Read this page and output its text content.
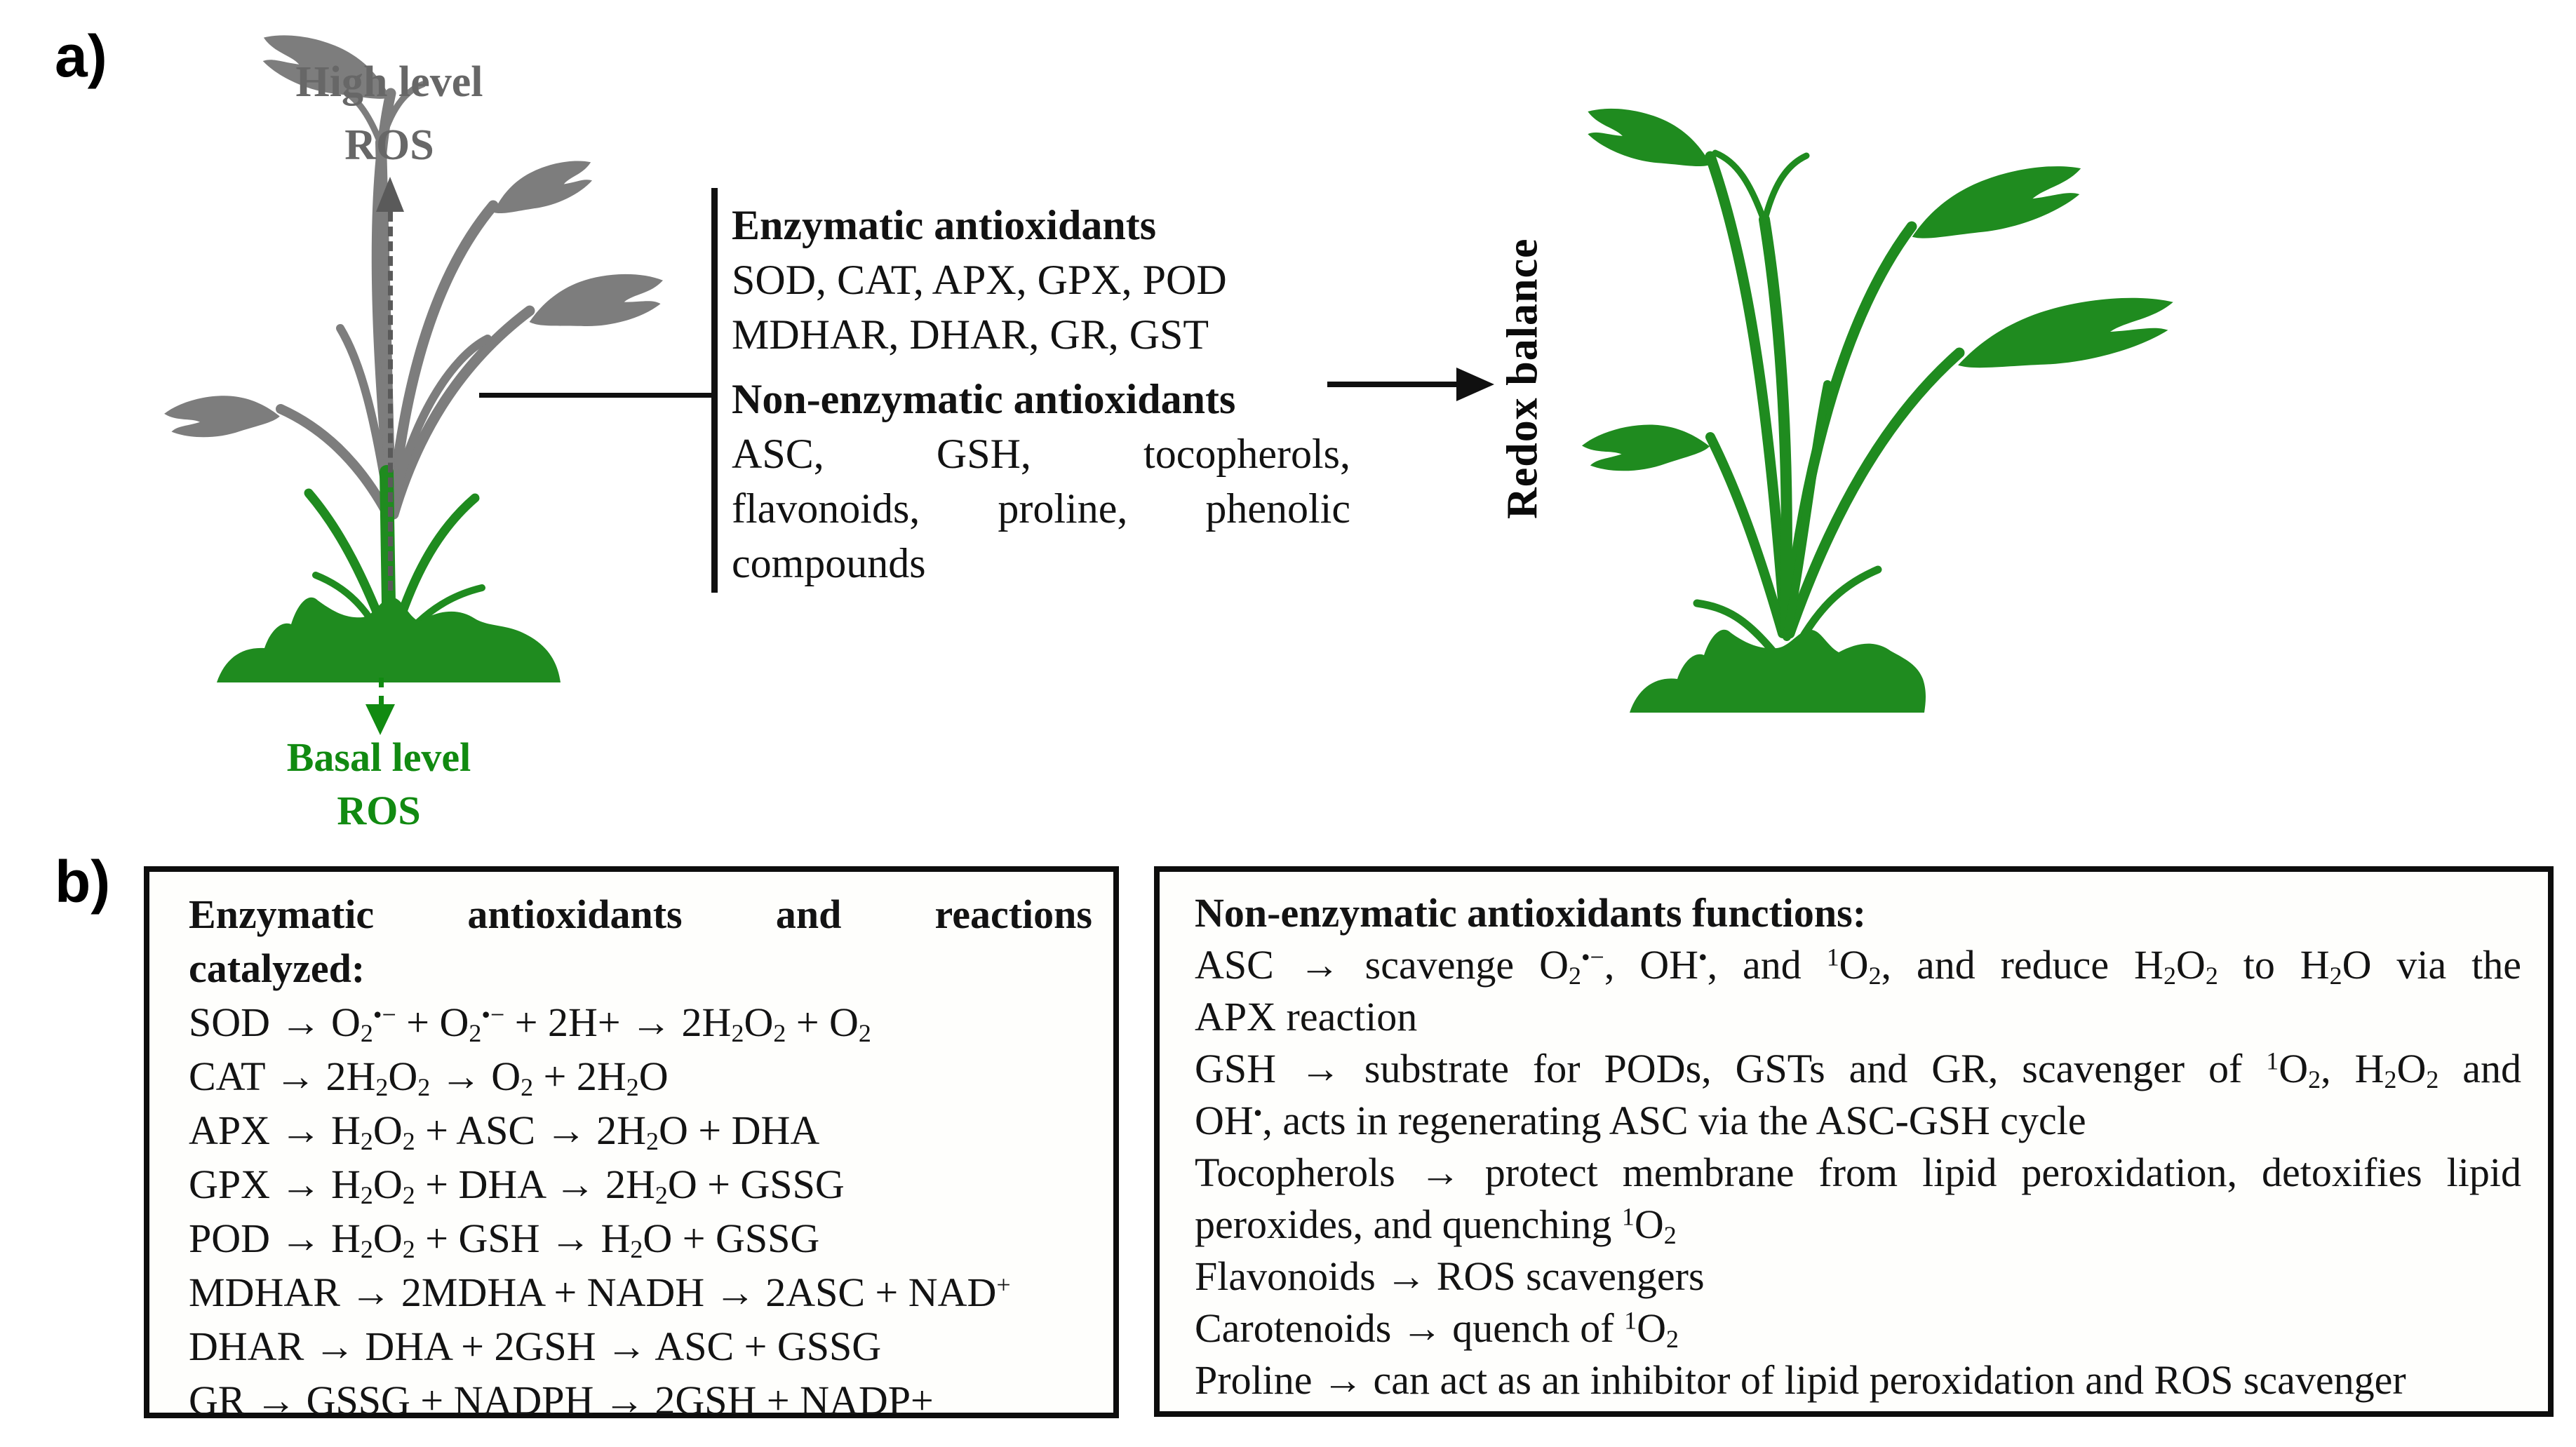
a)	High level
ROS
Basal level
ROS
Enzymatic antioxidants
SOD, CAT, APX, GPX, POD
MDHAR, DHAR, GR, GST
Non-enzymatic antioxidants
ASC, GSH, tocopherols,
flavonoids, proline, phenolic
compounds
Redox balance
b) Enzymatic antioxidants and reactions
catalyzed:
SOD → $O_2^{•-} + O_2^{•-} + 2H+ \to 2H_2O_2 + O_2$
CAT → $2H_2O_2 \to O_2 + 2H_2O$
APX → $H_2O_2$ + ASC → $2H_2O$ + DHA
GPX → $H_2O_2$ + DHA → $2H_2O$ + GSSG
POD → $H_2O_2$ + GSH → $H_2O$ + GSSG
MDHAR → 2MDHA + NADH → 2ASC + NAD+
DHAR → DHA + 2GSH → ASC + GSSG
GR → GSSG + NADPH → 2GSH + NADP+
Non-enzymatic antioxidants functions:
ASC → scavenge $O_2^{•-}$, OH•, and $^1O_2$, and reduce $H_2O_2$ to $H_2O$ via the
APX reaction
GSH → substrate for PODs, GSTs and GR, scavenger of $^1O_2$, $H_2O_2$ and
OH•, acts in regenerating ASC via the ASC-GSH cycle
Tocopherols → protect membrane from lipid peroxidation, detoxifies lipid
peroxides, and quenching $^1O_2$
Flavonoids → ROS scavengers
Carotenoids → quench of $^1O_2$
Proline → can act as an inhibitor of lipid peroxidation and ROS scavenger
